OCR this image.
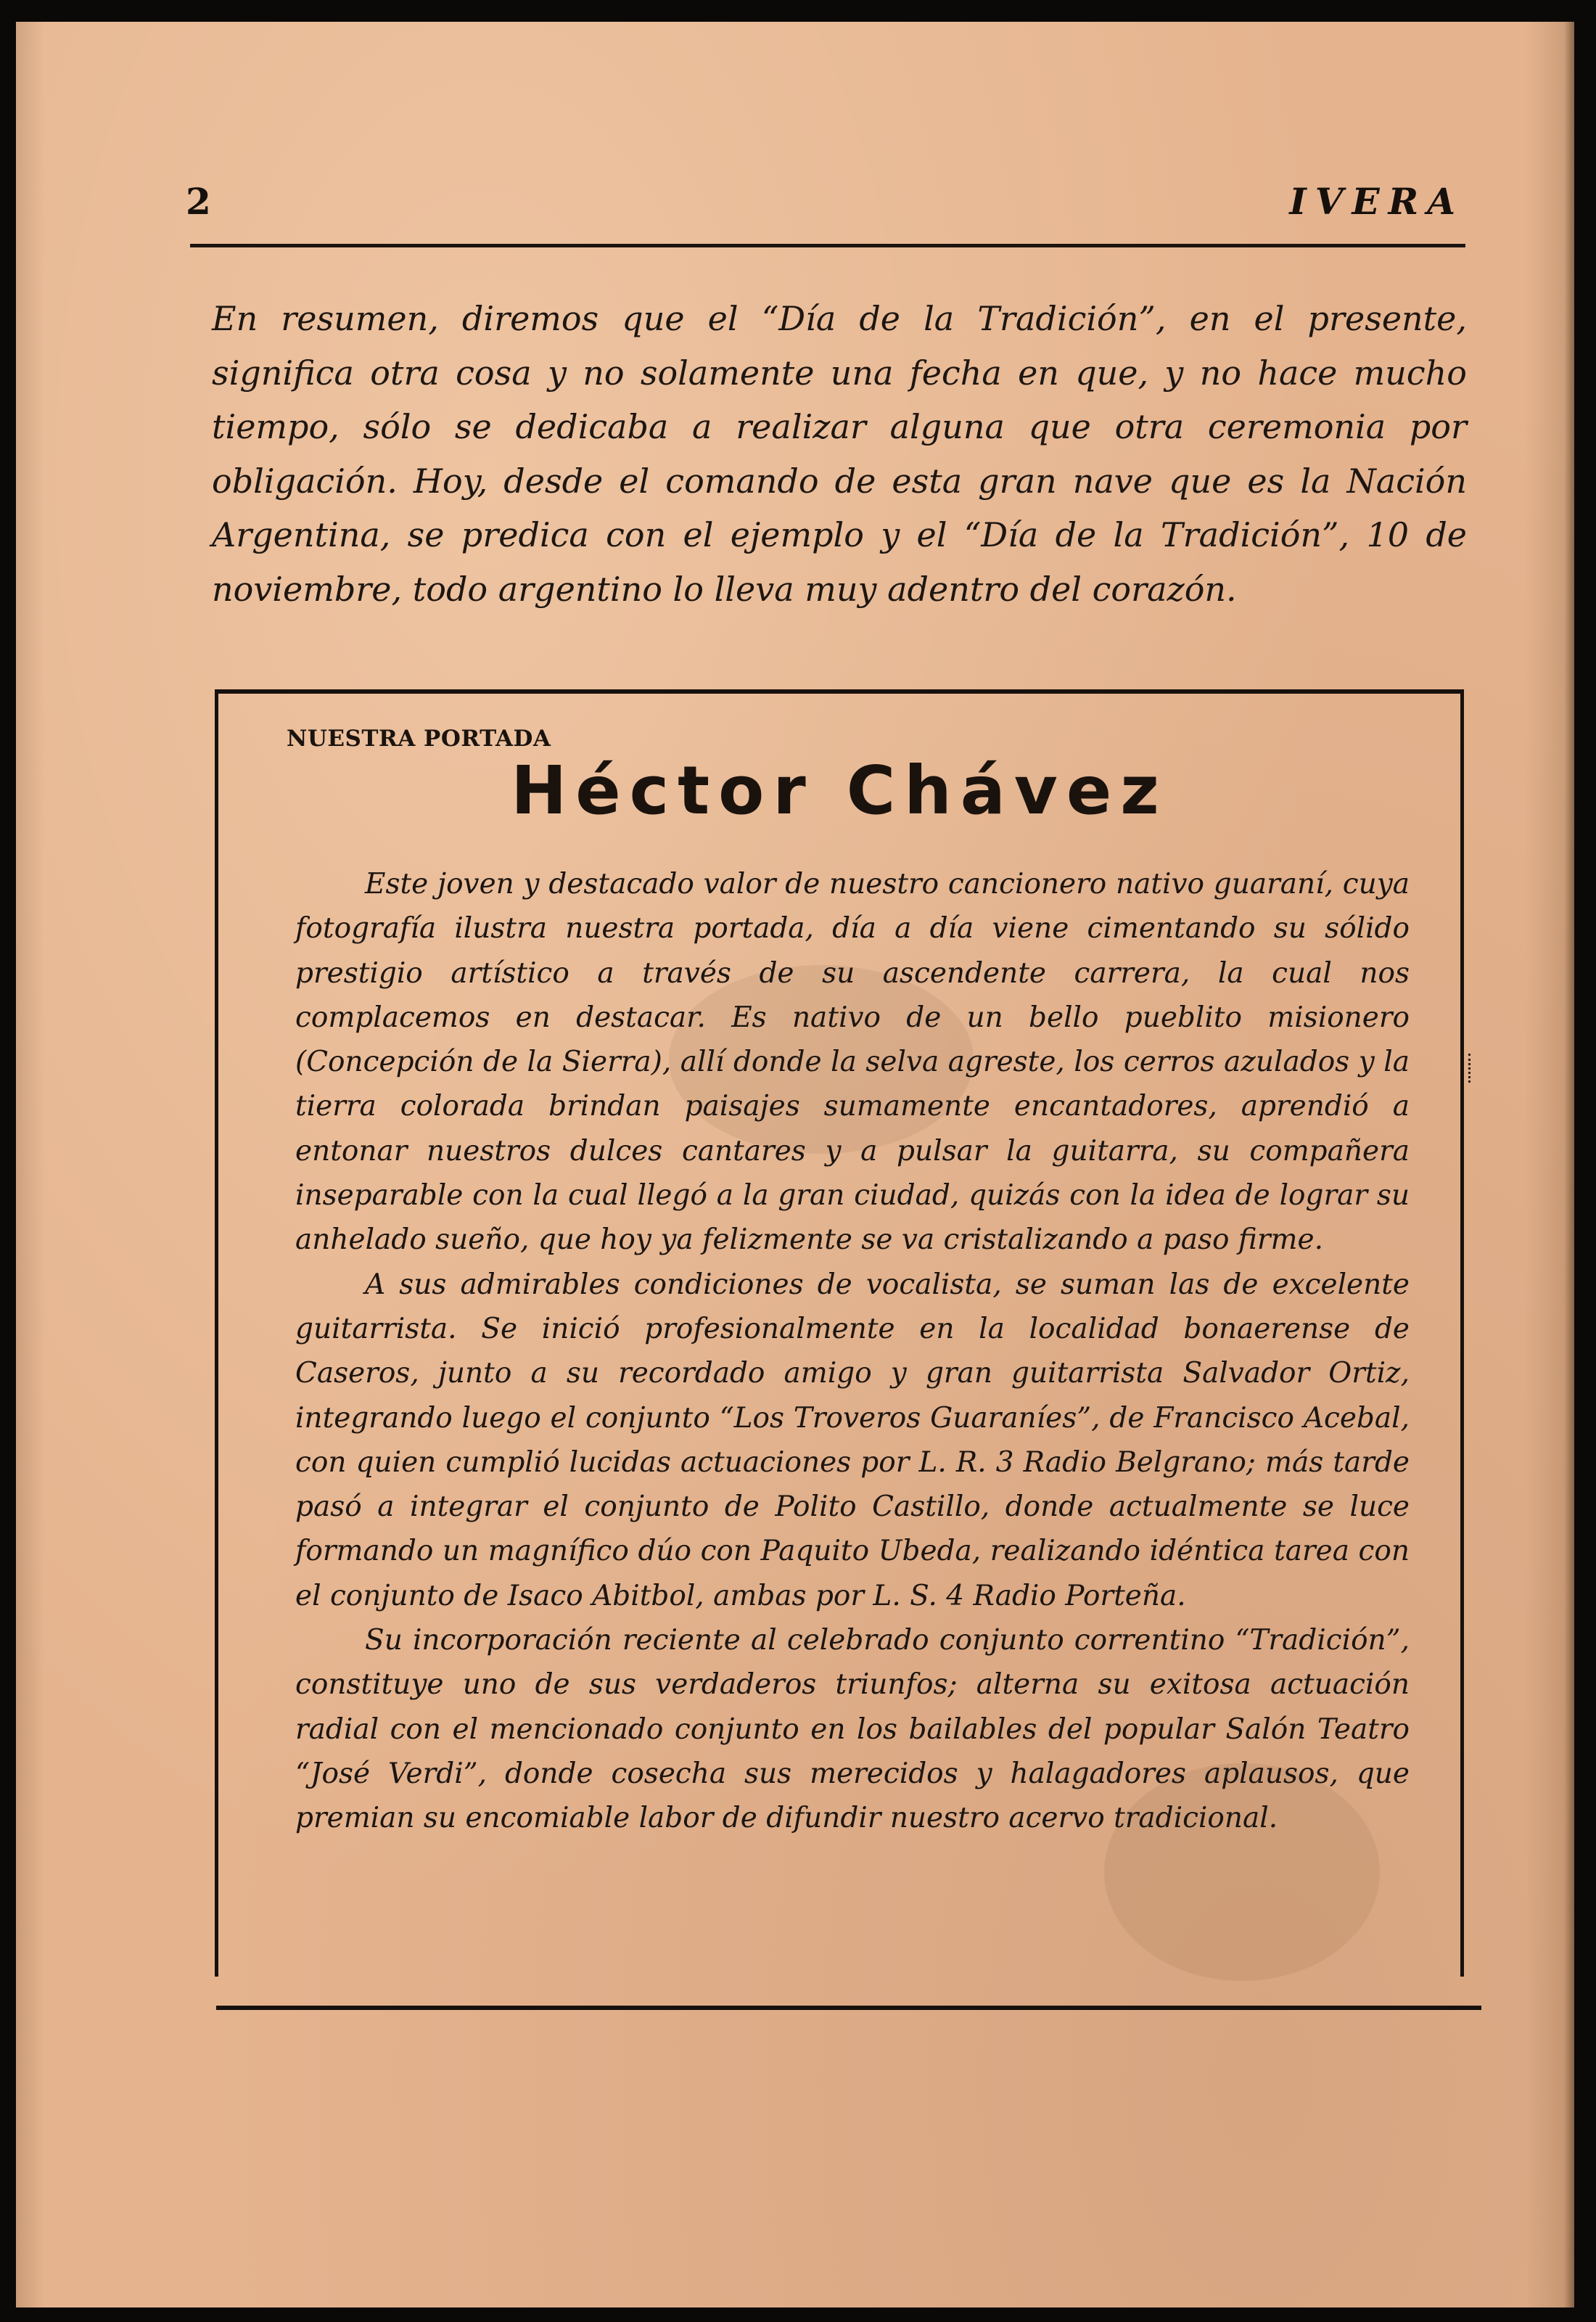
2	IVERA
En resumen, diremos que el “Día de la Tradición”, en el presente, significa otra cosa y no solamente una fecha en que, y no hace mucho tiempo, sólo se dedicaba a realizar alguna que otra ceremonia por obligación. Hoy, desde el comando de esta gran nave que es la Nación Argentina, se predica con el ejemplo y el “Día de la Tradición”, 10 de noviembre, todo argentino lo lleva muy adentro del corazón.
NUESTRA PORTADA
Héctor Chávez

Este joven y destacado valor de nuestro cancionero nativo guaraní, cuya fotografía ilustra nuestra portada, día a día viene cimentando su sólido prestigio artístico a través de su ascendente carrera, la cual nos complacemos en destacar. Es nativo de un bello pueblito misionero (Concepción de la Sierra), allí donde la selva agreste, los cerros azulados y la tierra colorada brindan paisajes sumamente encantadores, aprendió a entonar nuestros dulces cantares y a pulsar la guitarra, su compañera inseparable con la cual llegó a la gran ciudad, quizás con la idea de lograr su anhelado sueño, que hoy ya felizmente se va cristalizando a paso firme.

A sus admirables condiciones de vocalista, se suman las de excelente guitarrista. Se inició profesionalmente en la localidad bonaerense de Caseros, junto a su recordado amigo y gran guitarrista Salvador Ortiz, integrando luego el conjunto “Los Troveros Guaraníes”, de Francisco Acebal, con quien cumplió lucidas actuaciones por L. R. 3 Radio Belgrano; más tarde pasó a integrar el conjunto de Polito Castillo, donde actualmente se luce formando un magnífico dúo con Paquito Ubeda, realizando idéntica tarea con el conjunto de Isaco Abitbol, ambas por L. S. 4 Radio Porteña.

Su incorporación reciente al celebrado conjunto correntino “Tradición”, constituye uno de sus verdaderos triunfos; alterna su exitosa actuación radial con el mencionado conjunto en los bailables del popular Salón Teatro “José Verdi”, donde cosecha sus merecidos y halagadores aplausos, que premian su encomiable labor de difundir nuestro acervo tradicional.
